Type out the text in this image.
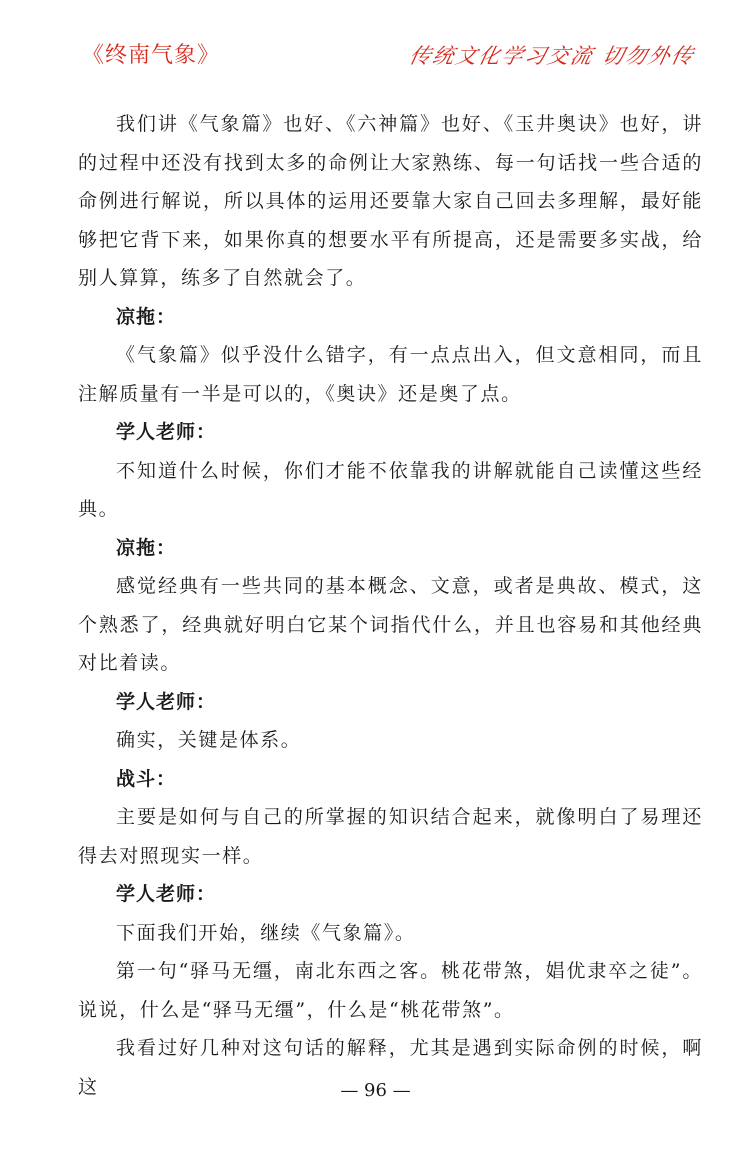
《终南气象》	传统文化学习交流 切勿外传

我们讲《气象篇》也好、《六神篇》也好、《玉井奥诀》也好，讲的过程中还没有找到太多的命例让大家熟练、每一句话找一些合适的命例进行解说，所以具体的运用还要靠大家自己回去多理解，最好能够把它背下来，如果你真的想要水平有所提高，还是需要多实战，给别人算算，练多了自然就会了。

凉拖：

《气象篇》似乎没什么错字，有一点点出入，但文意相同，而且注解质量有一半是可以的，《奥诀》还是奥了点。

学人老师：

不知道什么时候，你们才能不依靠我的讲解就能自己读懂这些经典。

凉拖：

感觉经典有一些共同的基本概念、文意，或者是典故、模式，这个熟悉了，经典就好明白它某个词指代什么，并且也容易和其他经典对比着读。

学人老师：

确实，关键是体系。

战斗：

主要是如何与自己的所掌握的知识结合起来，就像明白了易理还得去对照现实一样。

学人老师：

下面我们开始，继续《气象篇》。

第一句“驿马无缰，南北东西之客。桃花带煞，娼优隶卒之徒”。说说，什么是“驿马无缰”，什么是“桃花带煞”。

我看过好几种对这句话的解释，尤其是遇到实际命例的时候，啊这	— 96 —
